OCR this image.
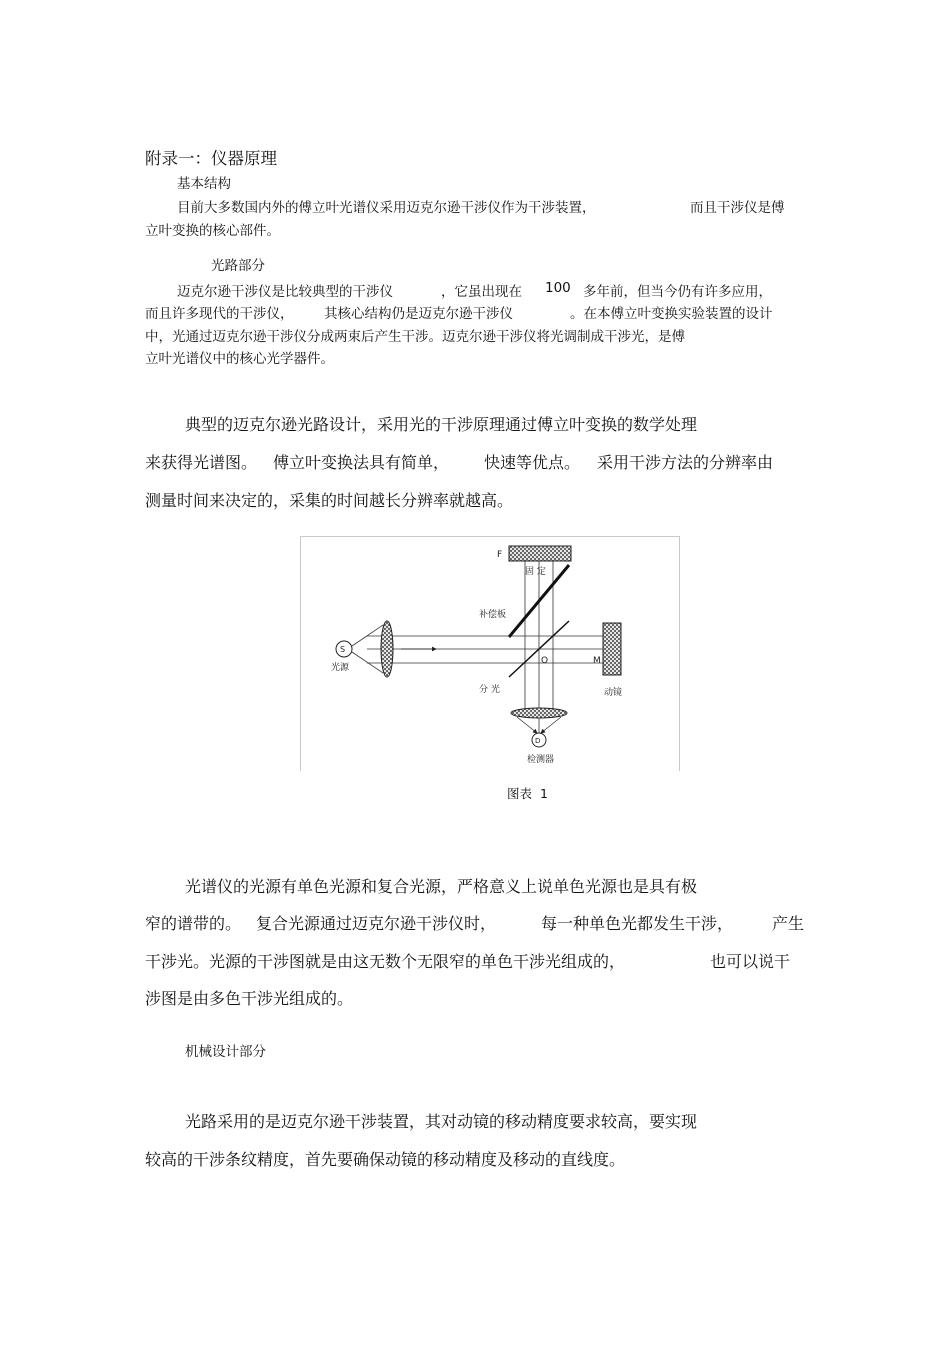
附录一：仪器原理
基本结构
目前大多数国内外的傅立叶光谱仪采用迈克尔逊干涉仪作为干涉装置，	而且干涉仪是傅
立叶变换的核心部件。
光路部分
迈克尔逊干涉仪是比较典型的干涉仪	，它虽出现在 100 多年前，但当今仍有许多应用，
而且许多现代的干涉仪， 其核心结构仍是迈克尔逊干涉仪	。在本傅立叶变换实验装置的设计
中，光通过迈克尔逊干涉仪分成两束后产生干涉。迈克尔逊干涉仪将光调制成干涉光，是傅
立叶光谱仪中的核心光学器件。
典型的迈克尔逊光路设计，采用光的干涉原理通过傅立叶变换的数学处理
来获得光谱图。 傅立叶变换法具有简单， 快速等优点。 采用干涉方法的分辨率由
测量时间来决定的，采集的时间越长分辨率就越高。
F
固 定
动镜
M
补偿板
O
分 光
S
光源
D
检测器
图表  1
光谱仪的光源有单色光源和复合光源，严格意义上说单色光源也是具有极
窄的谱带的。 复合光源通过迈克尔逊干涉仪时，	每一种单色光都发生干涉， 产生
干涉光。光源的干涉图就是由这无数个无限窄的单色干涉光组成的，	也可以说干
涉图是由多色干涉光组成的。
机械设计部分
光路采用的是迈克尔逊干涉装置，其对动镜的移动精度要求较高，要实现
较高的干涉条纹精度，首先要确保动镜的移动精度及移动的直线度。
